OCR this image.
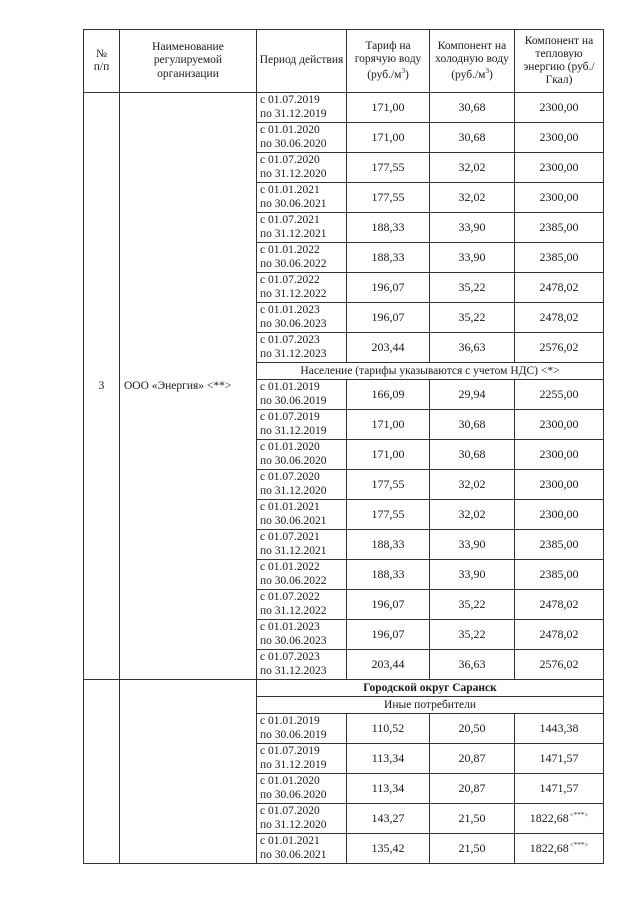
№
п/п	Наименование регулируемой организации	Период действия	Тариф на горячую воду
$(руб./м^3)$	Компонент на холодную воду
$(руб./м^3)$	Компонент на тепловую энергию (руб./Гкал)
3	ООО «Энергия» <**>	с 01.07.2019
по 31.12.2019	171,00	30,68	2300,00
		с 01.01.2020
по 30.06.2020	171,00	30,68	2300,00
		с 01.07.2020
по 31.12.2020	177,55	32,02	2300,00
		с 01.01.2021
по 30.06.2021	177,55	32,02	2300,00
		с 01.07.2021
по 31.12.2021	188,33	33,90	2385,00
		с 01.01.2022
по 30.06.2022	188,33	33,90	2385,00
		с 01.07.2022
по 31.12.2022	196,07	35,22	2478,02
		с 01.01.2023
по 30.06.2023	196,07	35,22	2478,02
		с 01.07.2023
по 31.12.2023	203,44	36,63	2576,02
		Население (тарифы указываются с учетом НДС) <*>			
		с 01.01.2019
по 30.06.2019	166,09	29,94	2255,00
		с 01.07.2019
по 31.12.2019	171,00	30,68	2300,00
		с 01.01.2020
по 30.06.2020	171,00	30,68	2300,00
		с 01.07.2020
по 31.12.2020	177,55	32,02	2300,00
		с 01.01.2021
по 30.06.2021	177,55	32,02	2300,00
		с 01.07.2021
по 31.12.2021	188,33	33,90	2385,00
		с 01.01.2022
по 30.06.2022	188,33	33,90	2385,00
		с 01.07.2022
по 31.12.2022	196,07	35,22	2478,02
		с 01.01.2023
по 30.06.2023	196,07	35,22	2478,02
		с 01.07.2023
по 31.12.2023	203,44	36,63	2576,02
		Городской округ Саранск			
		Иные потребители			
		с 01.01.2019
по 30.06.2019	110,52	20,50	1443,38
		с 01.07.2019
по 31.12.2019	113,34	20,87	1471,57
		с 01.01.2020
по 30.06.2020	113,34	20,87	1471,57
		с 01.07.2020
по 31.12.2020	143,27	21,50	1822,68<***>
		с 01.01.2021
по 30.06.2021	135,42	21,50	1822,68<***>
